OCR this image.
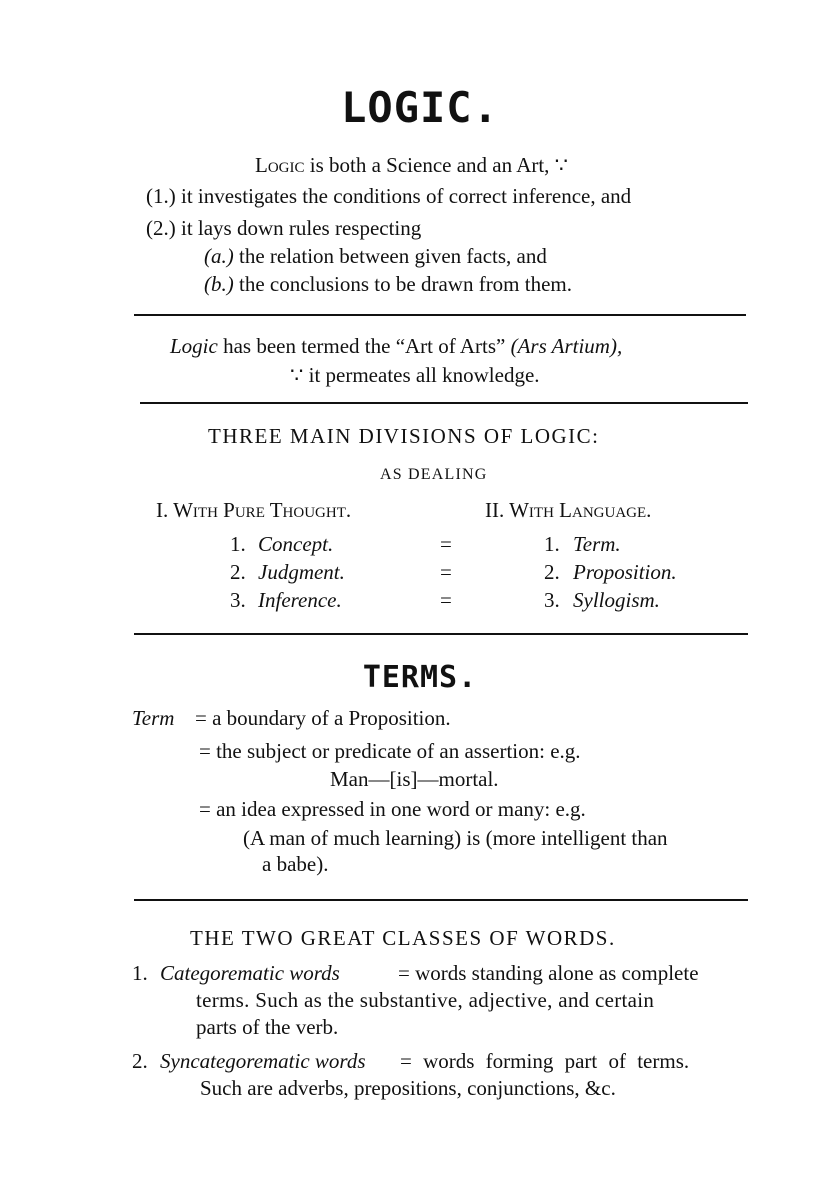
LOGIC.
Logic is both a Science and an Art, ∵
(1.) it investigates the conditions of correct inference, and
(2.) it lays down rules respecting
(a.) the relation between given facts, and
(b.) the conclusions to be drawn from them.
Logic has been termed the “Art of Arts” (Ars Artium),
∵ it permeates all knowledge.
THREE MAIN DIVISIONS OF LOGIC:
AS DEALING
I. With Pure Thought.	II. With Language.
1. Concept.	=	1. Term.
2. Judgment.	=	2. Proposition.
3. Inference.	=	3. Syllogism.
TERMS.
Term = a boundary of a Proposition.
= the subject or predicate of an assertion: e.g.
Man—[is]—mortal.
= an idea expressed in one word or many: e.g.
(A man of much learning) is (more intelligent than
a babe).
THE TWO GREAT CLASSES OF WORDS.
1. Categorematic words	= words standing alone as complete
terms. Such as the substantive, adjective, and certain
parts of the verb.
2. Syncategorematic words = words forming part of terms.
Such are adverbs, prepositions, conjunctions, &c.
